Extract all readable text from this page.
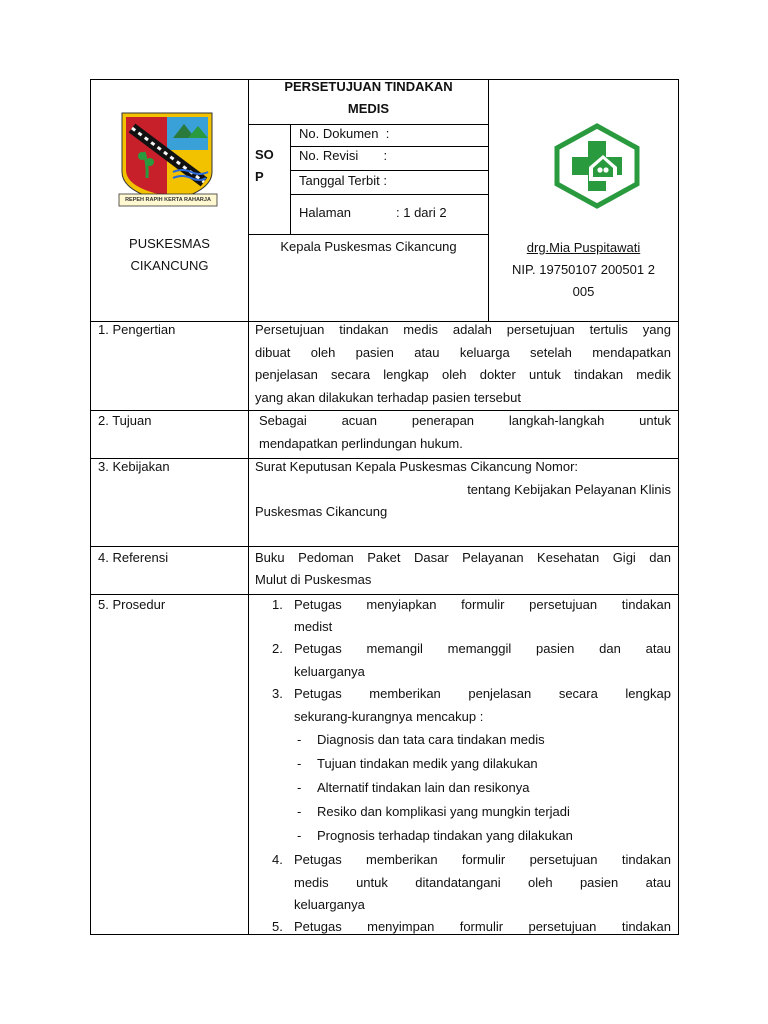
REPEH RAPIH KERTA RAHARJA
PUSKESMAS
CIKANCUNG
PERSETUJUAN TINDAKAN
MEDIS
SO
P
No. Dokumen  :
No. Revisi       :
Tanggal Terbit :
Halaman	: 1 dari 2
Kepala Puskesmas Cikancung	drg.Mia Puspitawati
NIP. 19750107 200501 2
005
1. Pengertian	Persetujuan tindakan medis adalah persetujuan tertulis yang
dibuat oleh pasien atau keluarga setelah mendapatkan
penjelasan secara lengkap oleh dokter untuk tindakan medik
yang akan dilakukan terhadap pasien tersebut
2. Tujuan	Sebagai	acuan	penerapan	langkah-langkah	untuk
mendapatkan perlindungan hukum.
3. Kebijakan	Surat Keputusan Kepala Puskesmas Cikancung Nomor:
tentang Kebijakan Pelayanan Klinis
Puskesmas Cikancung
4. Referensi	Buku Pedoman Paket Dasar Pelayanan Kesehatan Gigi dan
Mulut di Puskesmas
5. Prosedur	1. Petugas menyiapkan formulir persetujuan tindakan
medist
2. Petugas memangil memanggil pasien dan atau
keluarganya
3. Petugas memberikan penjelasan secara lengkap
sekurang-kurangnya mencakup :
- Diagnosis dan tata cara tindakan medis
- Tujuan tindakan medik yang dilakukan
- Alternatif tindakan lain dan resikonya
- Resiko dan komplikasi yang mungkin terjadi
- Prognosis terhadap tindakan yang dilakukan
4. Petugas memberikan formulir persetujuan tindakan
medis untuk ditandatangani oleh pasien atau
keluarganya
5. Petugas menyimpan formulir persetujuan tindakan
